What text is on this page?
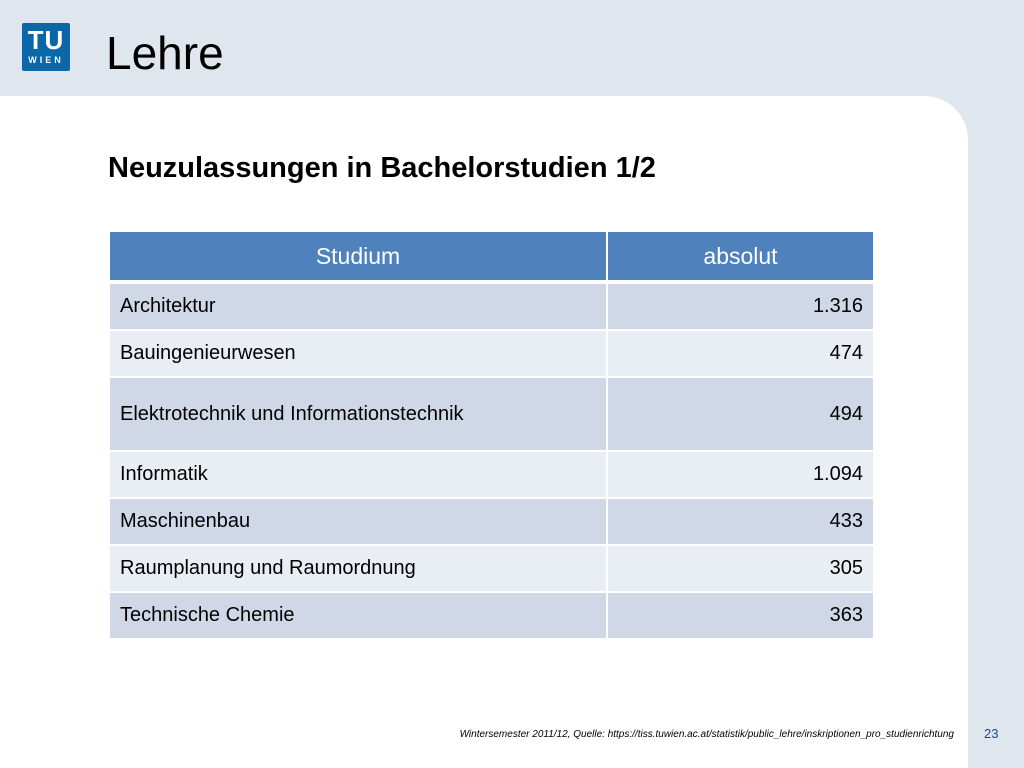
TU
WIEN Lehre
Neuzulassungen in Bachelorstudien 1/2
Studium	absolut
Architektur	1.316
Bauingenieurwesen	474
Elektrotechnik und Informationstechnik	494
Informatik	1.094
Maschinenbau	433
Raumplanung und Raumordnung	305
Technische Chemie	363
Wintersemester 2011/12, Quelle: https://tiss.tuwien.ac.at/statistik/public_lehre/inskriptionen_pro_studienrichtung 23
